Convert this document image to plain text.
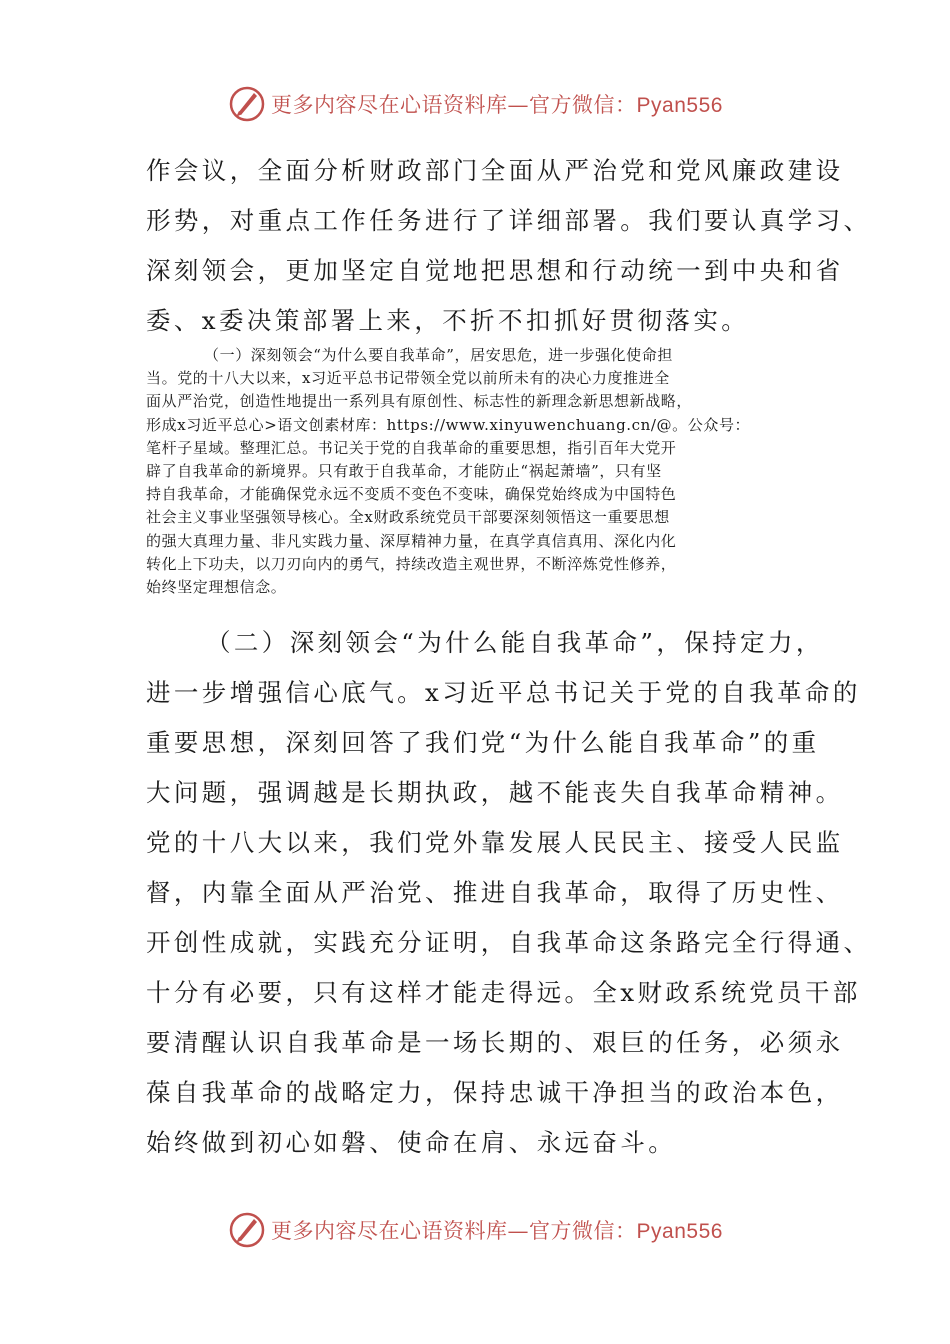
更多内容尽在心语资料库—官方微信：Pyan556
作会议，全面分析财政部门全面从严治党和党风廉政建设
形势，对重点工作任务进行了详细部署。我们要认真学习、
深刻领会，更加坚定自觉地把思想和行动统一到中央和省
委、x委决策部署上来，不折不扣抓好贯彻落实。
（一）深刻领会“为什么要自我革命”，居安思危，进一步强化使命担
当。党的十八大以来，x习近平总书记带领全党以前所未有的决心力度推进全
面从严治党，创造性地提出一系列具有原创性、标志性的新理念新思想新战略，
形成x习近平总心>语文创素材库：https://www.xinyuwenchuang.cn/@。公众号：
笔杆子星域。整理汇总。书记关于党的自我革命的重要思想，指引百年大党开
辟了自我革命的新境界。只有敢于自我革命，才能防止“祸起萧墙”，只有坚
持自我革命，才能确保党永远不变质不变色不变味，确保党始终成为中国特色
社会主义事业坚强领导核心。全x财政系统党员干部要深刻领悟这一重要思想
的强大真理力量、非凡实践力量、深厚精神力量，在真学真信真用、深化内化
转化上下功夫，以刀刃向内的勇气，持续改造主观世界，不断淬炼党性修养，
始终坚定理想信念。
（二）深刻领会“为什么能自我革命”，保持定力，
进一步增强信心底气。x习近平总书记关于党的自我革命的
重要思想，深刻回答了我们党“为什么能自我革命”的重
大问题，强调越是长期执政，越不能丧失自我革命精神。
党的十八大以来，我们党外靠发展人民民主、接受人民监
督，内靠全面从严治党、推进自我革命，取得了历史性、
开创性成就，实践充分证明，自我革命这条路完全行得通、
十分有必要，只有这样才能走得远。全x财政系统党员干部
要清醒认识自我革命是一场长期的、艰巨的任务，必须永
葆自我革命的战略定力，保持忠诚干净担当的政治本色，
始终做到初心如磐、使命在肩、永远奋斗。
更多内容尽在心语资料库—官方微信：Pyan556
